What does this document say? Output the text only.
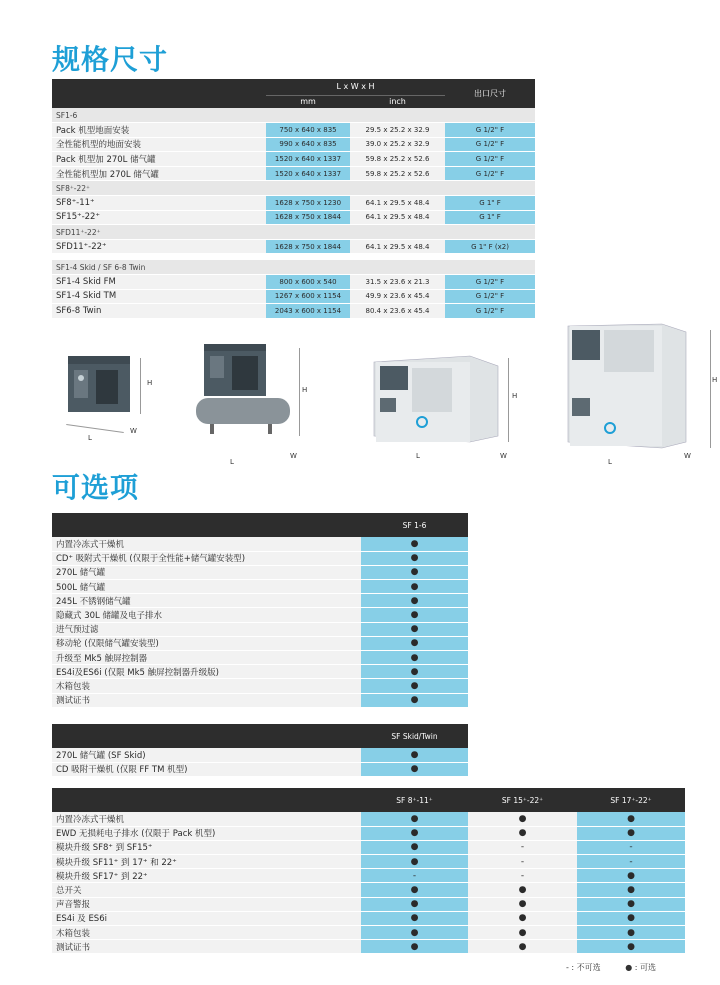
规格尺寸
	L x W x H		出口尺寸
	mm	inch	
SF1-6			
Pack 机型地面安装	750 x 640 x 835	29.5 x 25.2 x 32.9	G 1/2" F
全性能机型的地面安装	990 x 640 x 835	39.0 x 25.2 x 32.9	G 1/2" F
Pack 机型加 270L 储气罐	1520 x 640 x 1337	59.8 x 25.2 x 52.6	G 1/2" F
全性能机型加 270L 储气罐	1520 x 640 x 1337	59.8 x 25.2 x 52.6	G 1/2" F
SF8⁺-22⁺			
SF8⁺-11⁺	1628 x 750 x 1230	64.1 x 29.5 x 48.4	G 1" F
SF15⁺-22⁺	1628 x 750 x 1844	64.1 x 29.5 x 48.4	G 1" F
SFD11⁺-22⁺			
SFD11⁺-22⁺	1628 x 750 x 1844	64.1 x 29.5 x 48.4	G 1" F (x2)

SF1-4 Skid / SF 6-8 Twin			
SF1-4 Skid FM	800 x 600 x 540	31.5 x 23.6 x 21.3	G 1/2" F
SF1-4 Skid TM	1267 x 600 x 1154	49.9 x 23.6 x 45.4	G 1/2" F
SF6-8 Twin	2043 x 600 x 1154	80.4 x 23.6 x 45.4	G 1/2" F
H
L
W
H
L
W
H
L	W
H
L
W
可选项
	SF 1-6
内置冷冻式干燥机	●
CD⁺ 吸附式干燥机 (仅限于全性能+储气罐安装型)	●
270L 储气罐	●
500L 储气罐	●
245L 不锈钢储气罐	●
隐藏式 30L 储罐及电子排水	●
进气预过滤	●
移动轮 (仅限储气罐安装型)	●
升级至 Mk5 触屏控制器	●
ES4i及ES6i (仅限 Mk5 触屏控制器升级版)	●
木箱包装	●
测试证书	●
	SF Skid/Twin
270L 储气罐 (SF Skid)	●
CD 吸附干燥机 (仅限 FF TM 机型)	●
	SF 8⁺-11⁺	SF 15⁺-22⁺	SF 17⁺-22⁺
内置冷冻式干燥机	●	●	●
EWD 无损耗电子排水 (仅限于 Pack 机型)	●	●	●
模块升级 SF8⁺ 到 SF15⁺	●	-	-
模块升级 SF11⁺ 到 17⁺ 和 22⁺	●	-	-
模块升级 SF17⁺ 到 22⁺	-	-	●
总开关	●	●	●
声音警报	●	●	●
ES4i 及 ES6i	●	●	●
木箱包装	●	●	●
测试证书	●	●	●
- : 不可选	● : 可选
